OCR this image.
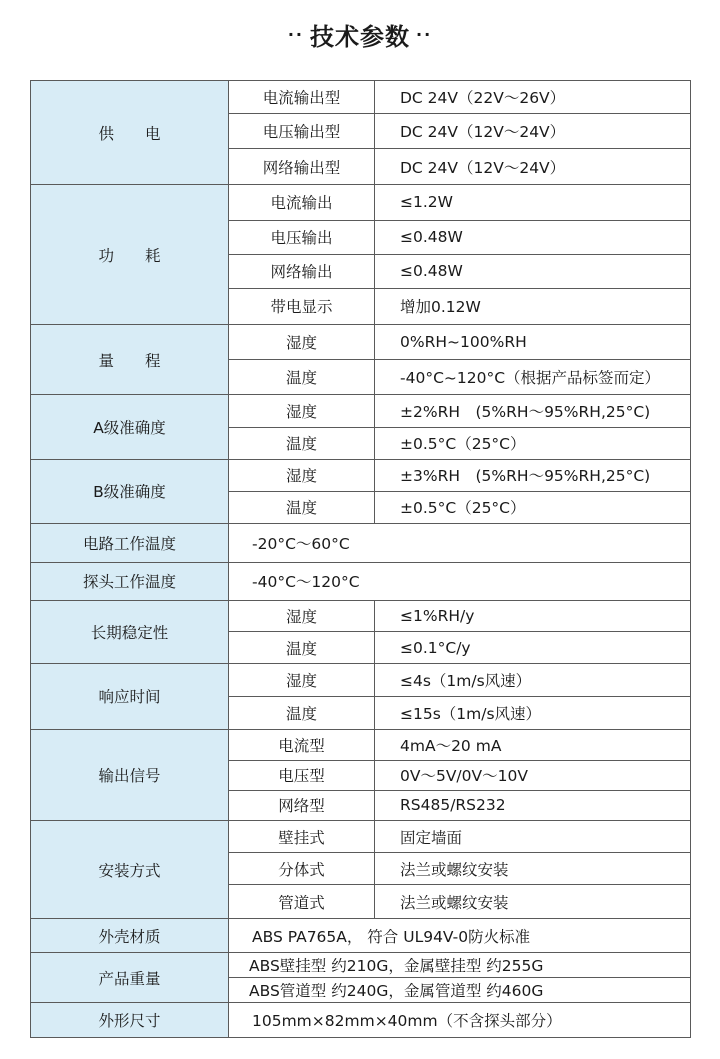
·· 技术参数 ··
供　　电	电流输出型	DC 24V（22V～26V）
	电压输出型	DC 24V（12V～24V）
	网络输出型	DC 24V（12V～24V）
功　　耗	电流输出	≤1.2W
	电压输出	≤0.48W
	网络输出	≤0.48W
	带电显示	增加0.12W
量　　程	湿度	0%RH~100%RH
	温度	-40°C~120°C（根据产品标签而定）
A级准确度	湿度	±2%RH　(5%RH～95%RH,25°C)
	温度	±0.5°C（25°C）
B级准确度	湿度	±3%RH　(5%RH～95%RH,25°C)
	温度	±0.5°C（25°C）
电路工作温度	-20°C～60°C	
探头工作温度	-40°C～120°C	
长期稳定性	湿度	≤1%RH/y
	温度	≤0.1°C/y
响应时间	湿度	≤4s（1m/s风速）
	温度	≤15s（1m/s风速）
输出信号	电流型	4mA～20 mA
	电压型	0V～5V/0V～10V
	网络型	RS485/RS232
安装方式	壁挂式	固定墙面
	分体式	法兰或螺纹安装
	管道式	法兰或螺纹安装
外壳材质	ABS PA765A， 符合 UL94V-0防火标准	
产品重量	ABS壁挂型 约210G，金属壁挂型 约255G	
	ABS管道型 约240G，金属管道型 约460G	
外形尺寸	105mm×82mm×40mm（不含探头部分）	
